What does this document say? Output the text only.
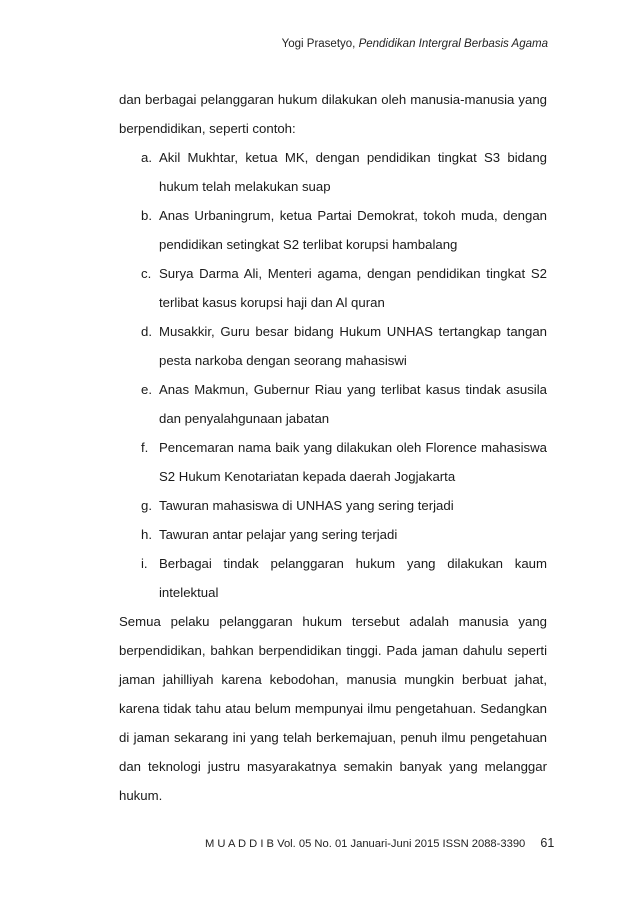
Yogi Prasetyo, Pendidikan Intergral Berbasis Agama

dan berbagai pelanggaran hukum dilakukan oleh manusia-manusia yang berpendidikan, seperti contoh:

a. Akil Mukhtar, ketua MK, dengan pendidikan tingkat S3 bidang hukum telah melakukan suap
b. Anas Urbaningrum, ketua Partai Demokrat, tokoh muda, dengan pendidikan setingkat S2 terlibat korupsi hambalang
c. Surya Darma Ali, Menteri agama, dengan pendidikan tingkat S2 terlibat kasus korupsi haji dan Al quran
d. Musakkir, Guru besar bidang Hukum UNHAS tertangkap tangan pesta narkoba dengan seorang mahasiswi
e. Anas Makmun, Gubernur Riau yang terlibat kasus tindak asusila dan penyalahgunaan jabatan
f. Pencemaran nama baik yang dilakukan oleh Florence mahasiswa S2 Hukum Kenotariatan kepada daerah Jogjakarta
g. Tawuran mahasiswa di UNHAS yang sering terjadi
h. Tawuran antar pelajar yang sering terjadi
i. Berbagai tindak pelanggaran hukum yang dilakukan kaum intelektual

Semua pelaku pelanggaran hukum tersebut adalah manusia yang berpendidikan, bahkan berpendidikan tinggi. Pada jaman dahulu seperti jaman jahilliyah karena kebodohan, manusia mungkin berbuat jahat, karena tidak tahu atau belum mempunyai ilmu pengetahuan. Sedangkan di jaman sekarang ini yang telah berkemajuan, penuh ilmu pengetahuan dan teknologi justru masyarakatnya semakin banyak yang melanggar hukum.

M U A D D I B Vol. 05 No. 01 Januari-Juni 2015 ISSN 2088-3390 61
